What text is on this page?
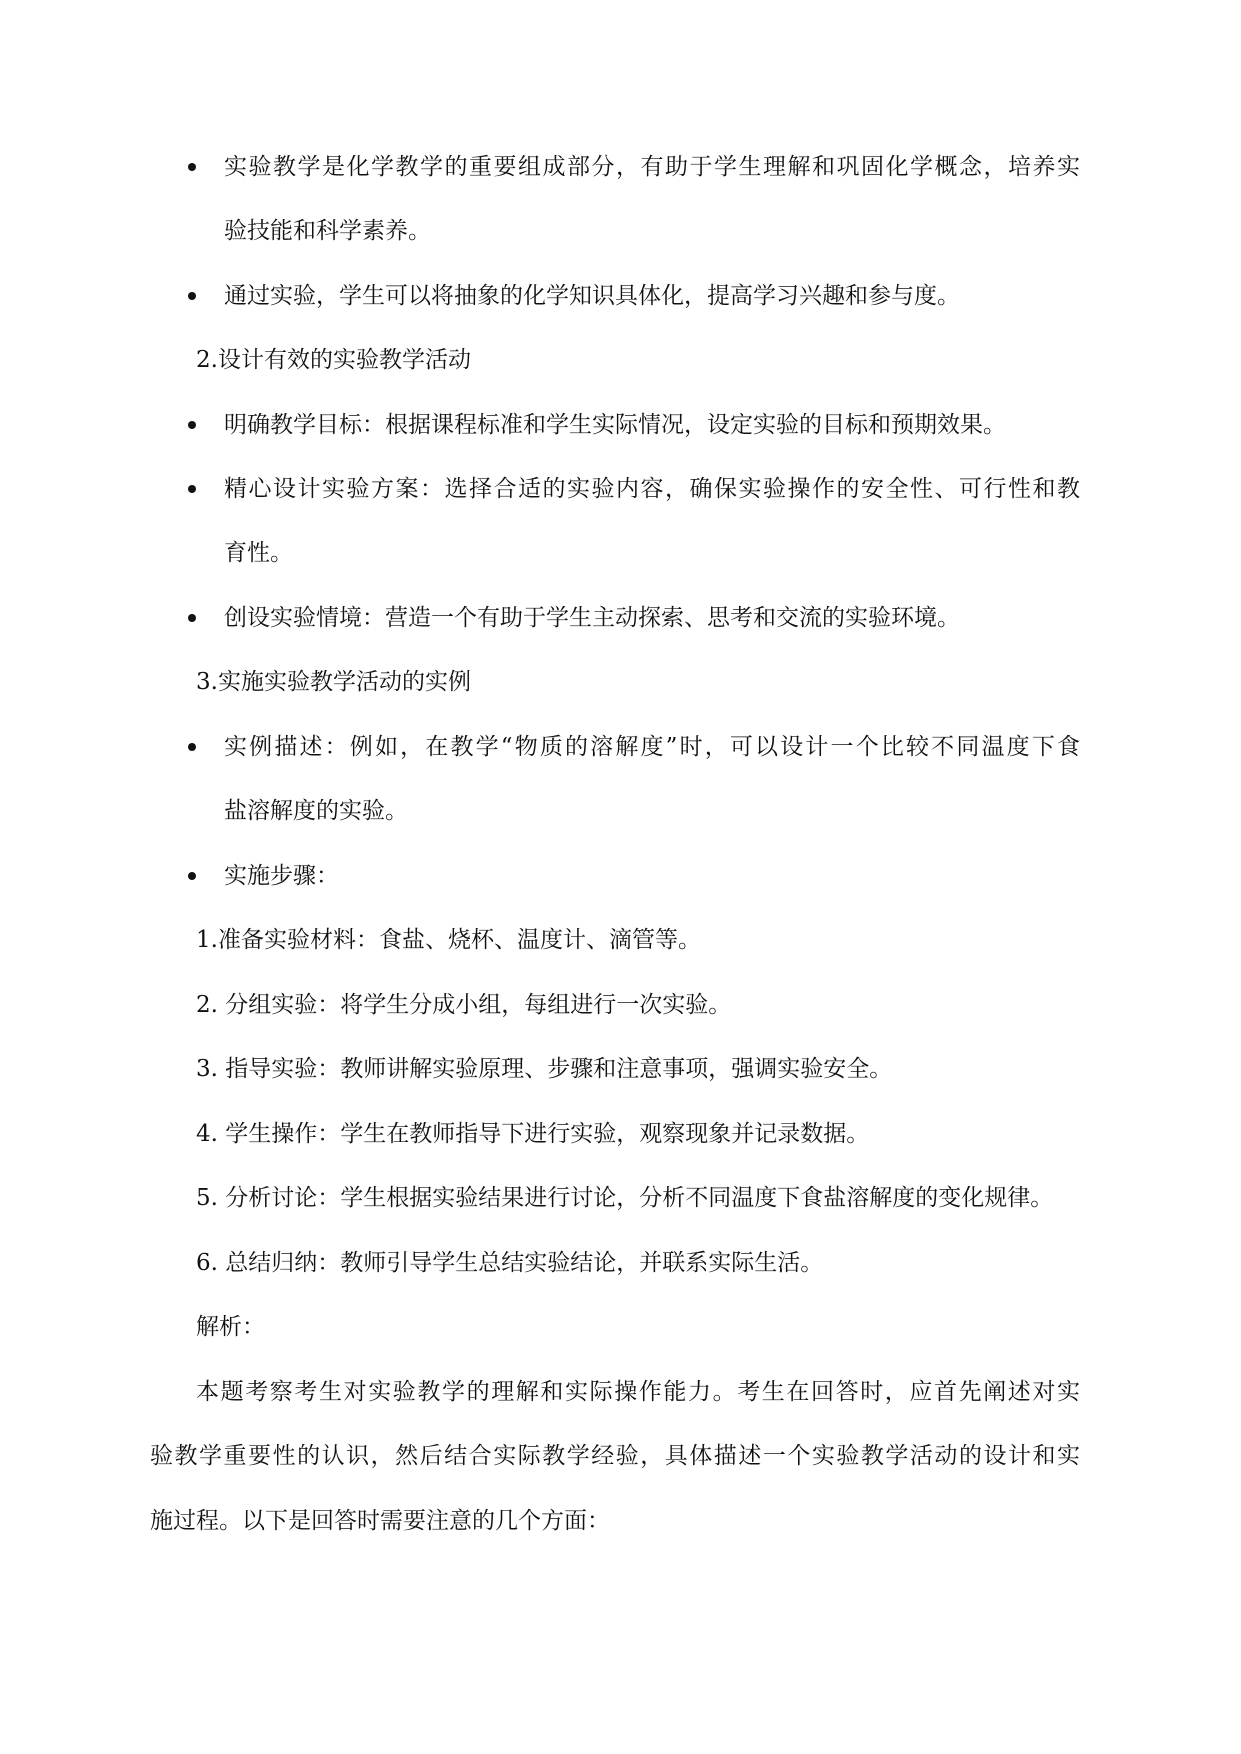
实验教学是化学教学的重要组成部分，有助于学生理解和巩固化学概念，培养实
验技能和科学素养。
通过实验，学生可以将抽象的化学知识具体化，提高学习兴趣和参与度。
2.设计有效的实验教学活动
明确教学目标：根据课程标准和学生实际情况，设定实验的目标和预期效果。
精心设计实验方案：选择合适的实验内容，确保实验操作的安全性、可行性和教
育性。
创设实验情境：营造一个有助于学生主动探索、思考和交流的实验环境。
3.实施实验教学活动的实例
实例描述：例如，在教学“物质的溶解度”时，可以设计一个比较不同温度下食
盐溶解度的实验。
实施步骤：
1.准备实验材料：食盐、烧杯、温度计、滴管等。
2. 分组实验：将学生分成小组，每组进行一次实验。
3. 指导实验：教师讲解实验原理、步骤和注意事项，强调实验安全。
4. 学生操作：学生在教师指导下进行实验，观察现象并记录数据。
5. 分析讨论：学生根据实验结果进行讨论，分析不同温度下食盐溶解度的变化规律。
6. 总结归纳：教师引导学生总结实验结论，并联系实际生活。
解析：
本题考察考生对实验教学的理解和实际操作能力。考生在回答时，应首先阐述对实
验教学重要性的认识，然后结合实际教学经验，具体描述一个实验教学活动的设计和实
施过程。以下是回答时需要注意的几个方面：
